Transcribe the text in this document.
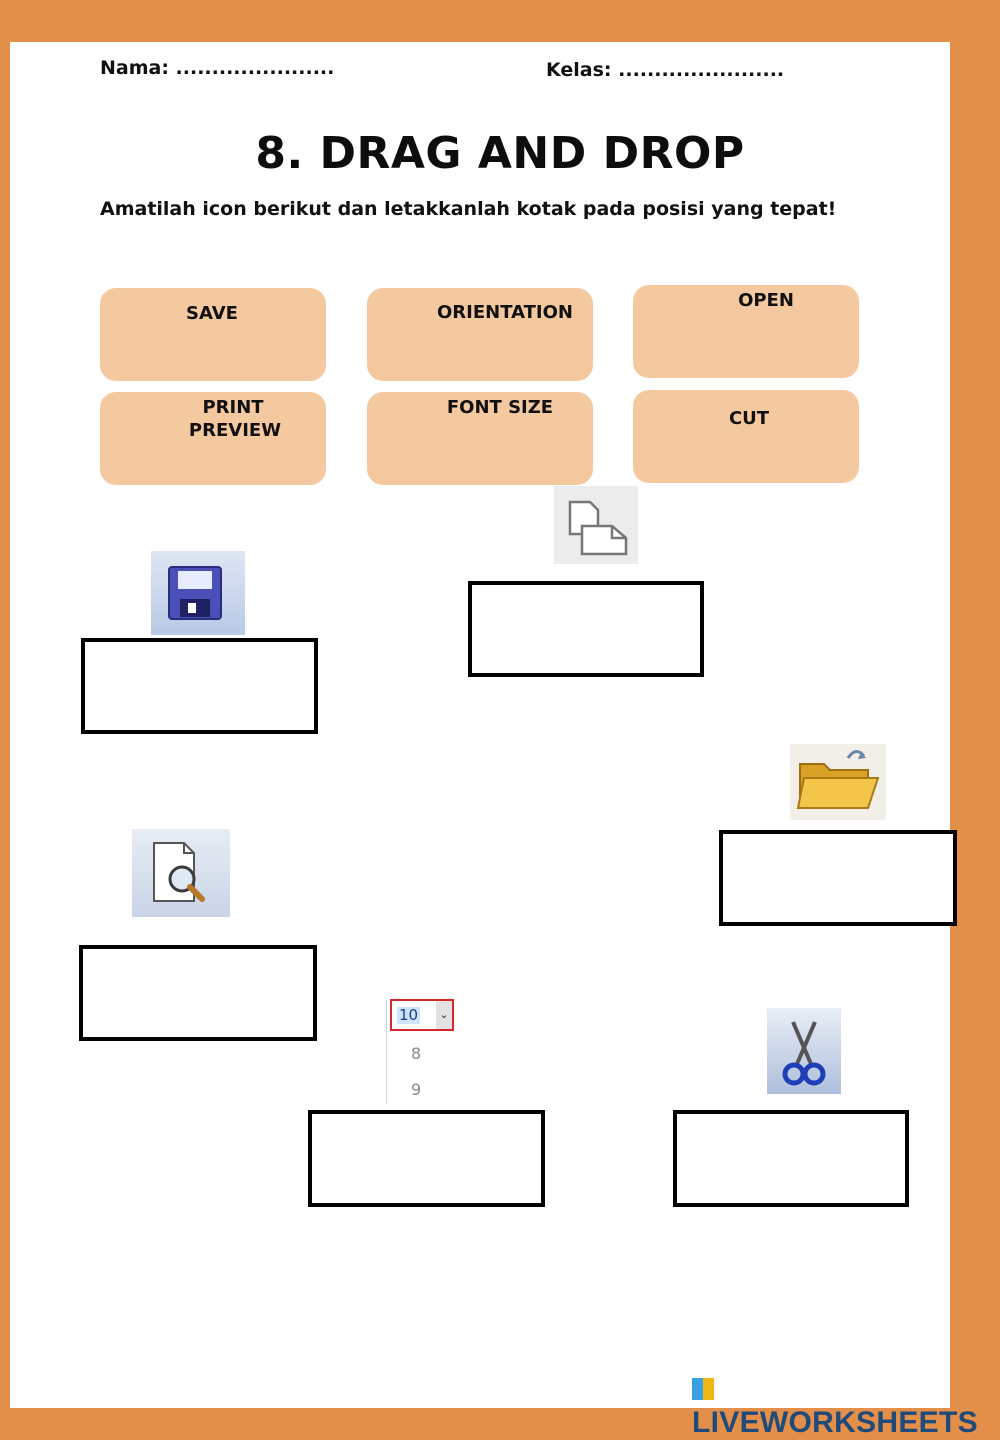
Nama: ......................	Kelas: .......................
8. DRAG AND DROP
Amatilah icon berikut dan letakkanlah kotak pada posisi yang tepat!
SAVE	ORIENTATION
OPEN
PRINT
PREVIEW
FONT SIZE
CUT
10	⌄
8
9
LIVEWORKSHEETS
